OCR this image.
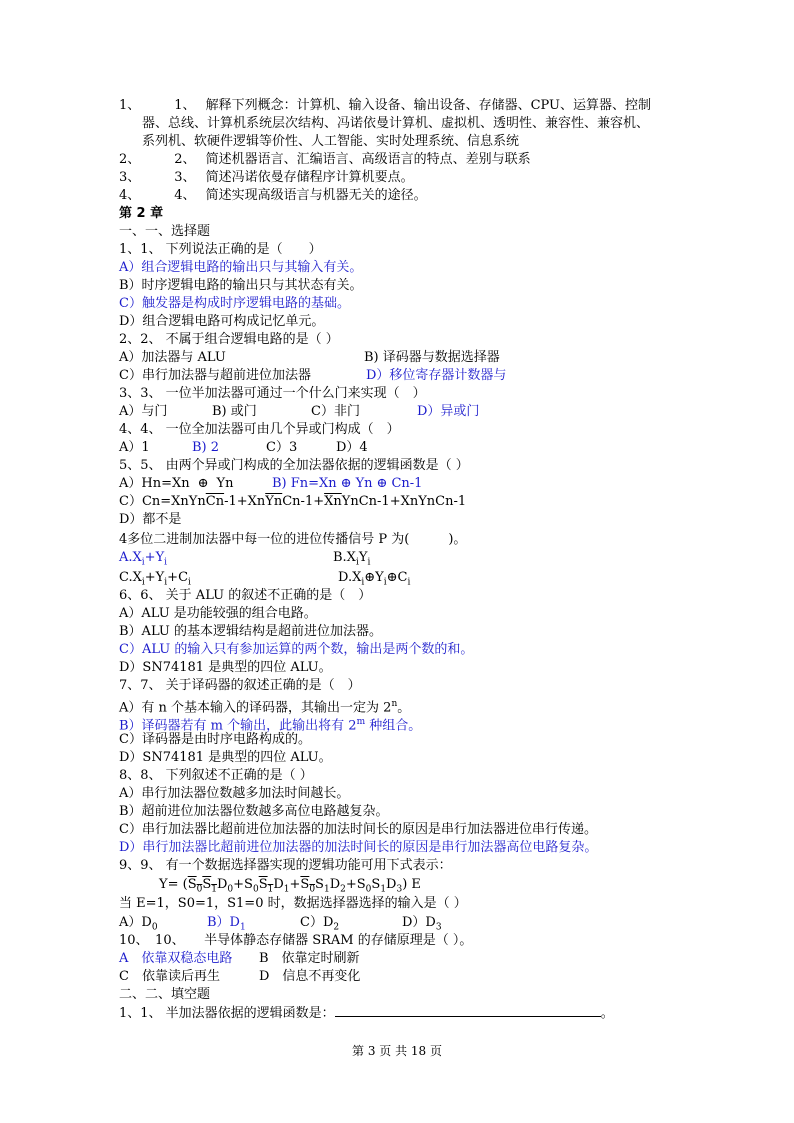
1、	1、 解释下列概念：计算机、输入设备、输出设备、存储器、CPU、运算器、控制
器、总线、计算机系统层次结构、冯诺依曼计算机、虚拟机、透明性、兼容性、兼容机、
系列机、软硬件逻辑等价性、人工智能、实时处理系统、信息系统
2、	2、 简述机器语言、汇编语言、高级语言的特点、差别与联系
3、	3、 简述冯诺依曼存储程序计算机要点。
4、	4、 简述实现高级语言与机器无关的途径。
第 2 章
一、一、选择题
1、1、 下列说法正确的是（　　）
A）组合逻辑电路的输出只与其输入有关。
B）时序逻辑电路的输出只与其状态有关。
C）触发器是构成时序逻辑电路的基础。
D）组合逻辑电路可构成记忆单元。
2、2、 不属于组合逻辑电路的是（ ）
A）加法器与 ALU	B) 译码器与数据选择器
C）串行加法器与超前进位加法器	D）移位寄存器计数器与
3、3、 一位半加法器可通过一个什么门来实现（　）
A）与门	B) 或门	C）非门	D）异或门
4、4、 一位全加法器可由几个异或门构成（　）
A）1	B) 2	C）3	D）4
5、5、 由两个异或门构成的全加法器依据的逻辑函数是（ ）
A）Hn=Xn ⊕ Yn	B) Fn=Xn ⊕ Yn ⊕ Cn-1
$C)Cn=XnYn\overline{Cn}-1+Xn\overline{Yn}Cn-1+\overline{Xn}YnCn-1+XnYnCn-1$
D）都不是
4多位二进制加法器中每一位的进位传播信号 P 为(　　　)。
$A.X_i+Y_i$	$B.X_iY_i$
$C.X_i+Y_i+C_i$	$D.X_i\oplus Y_i\oplus C_i$
6、6、 关于 ALU 的叙述不正确的是（　）
A）ALU 是功能较强的组合电路。
B）ALU 的基本逻辑结构是超前进位加法器。
C）ALU 的输入只有参加运算的两个数，输出是两个数的和。
D）SN74181 是典型的四位 ALU。
7、7、 关于译码器的叙述正确的是（　）
A）有 n 个基本输入的译码器，其输出一定为 2$^n$。
B）译码器若有 m 个输出，此输出将有 2$^m$ 种组合。
C）译码器是由时序电路构成的。
D）SN74181 是典型的四位 ALU。
8、8、 下列叙述不正确的是（ ）
A）串行加法器位数越多加法时间越长。
B）超前进位加法器位数越多高位电路越复杂。
C）串行加法器比超前进位加法器的加法时间长的原因是串行加法器进位串行传递。
D）串行加法器比超前进位加法器的加法时间长的原因是串行加法器高位电路复杂。
9、9、 有一个数据选择器实现的逻辑功能可用下式表示：
$Y= (S_0S_1D_0+S_0S_1D_1+S_0S_1D_2+S_0S_1D_3)$ E
当 E=1，S0=1，S1=0 时，数据选择器选择的输入是（ ）
$A)D_0$	$B)D_1$	$C)D_2$	$D)D_3$
10、　10、　　半导体静态存储器 SRAM 的存储原理是（ ）。
A　依靠双稳态电路 B　依靠定时刷新
C　依靠读后再生	D　信息不再变化
二、二、填空题
1、1、 半加法器依据的逻辑函数是：	。
第 3 页 共 18 页
